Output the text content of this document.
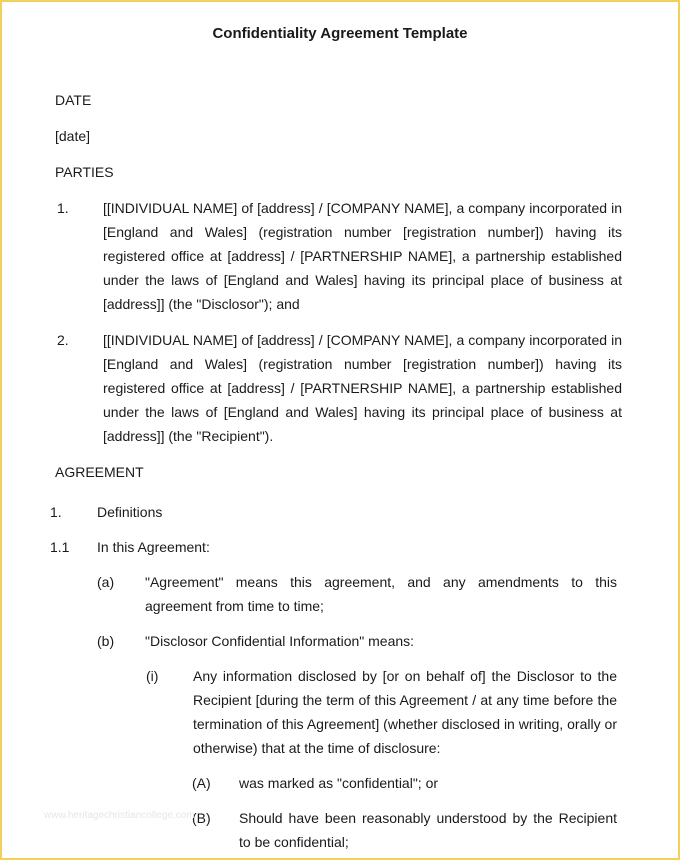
Confidentiality Agreement Template
DATE
[date]
PARTIES
1. [[INDIVIDUAL NAME] of [address] / [COMPANY NAME], a company incorporated in [England and Wales] (registration number [registration number]) having its registered office at [address] / [PARTNERSHIP NAME], a partnership established under the laws of [England and Wales] having its principal place of business at [address]] (the "Disclosor"); and
2. [[INDIVIDUAL NAME] of [address] / [COMPANY NAME], a company incorporated in [England and Wales] (registration number [registration number]) having its registered office at [address] / [PARTNERSHIP NAME], a partnership established under the laws of [England and Wales] having its principal place of business at [address]] (the "Recipient").
AGREEMENT
1.	Definitions
1.1 In this Agreement:
(a) "Agreement" means this agreement, and any amendments to this agreement from time to time;
(b) "Disclosor Confidential Information" means:
(i) Any information disclosed by [or on behalf of] the Disclosor to the Recipient [during the term of this Agreement / at any time before the termination of this Agreement] (whether disclosed in writing, orally or otherwise) that at the time of disclosure:
(A) was marked as "confidential"; or
(B) Should have been reasonably understood by the Recipient to be confidential;
www.heritagechristiancollege.com
